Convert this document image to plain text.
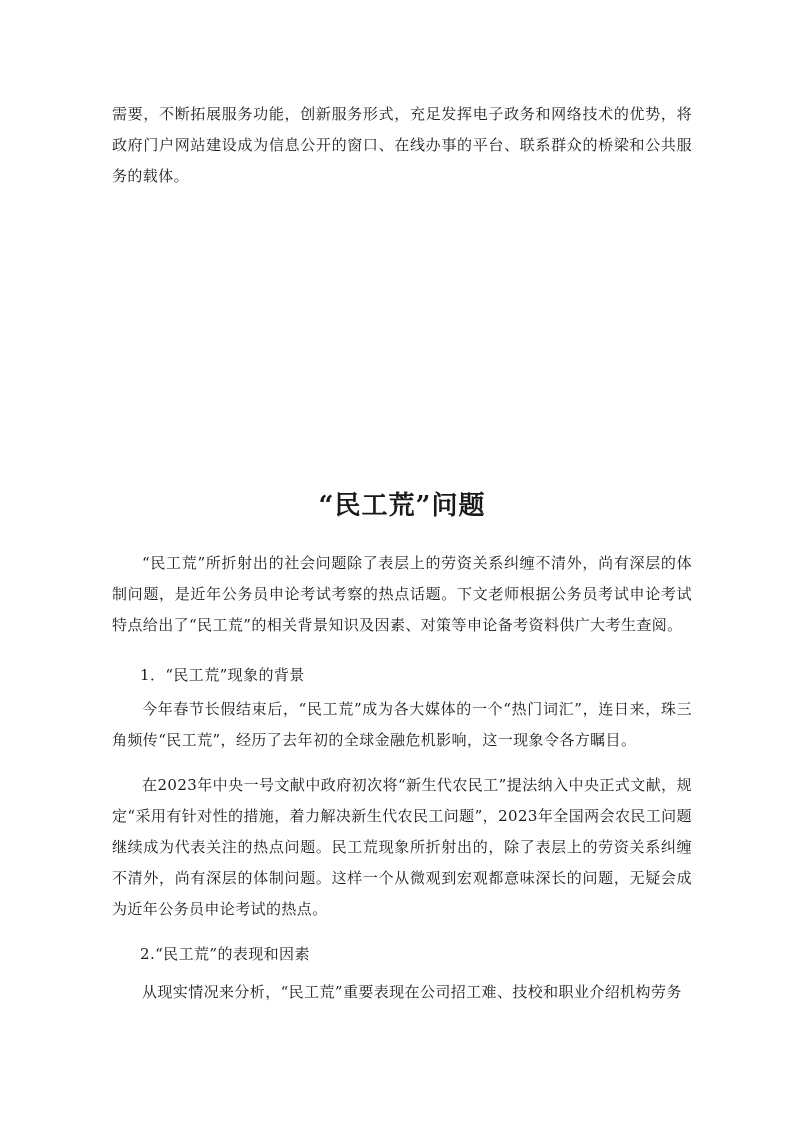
需要，不断拓展服务功能，创新服务形式，充足发挥电子政务和网络技术的优势，将政府门户网站建设成为信息公开的窗口、在线办事的平台、联系群众的桥梁和公共服务的载体。

“民工荒”问题

“民工荒”所折射出的社会问题除了表层上的劳资关系纠缠不清外，尚有深层的体制问题，是近年公务员申论考试考察的热点话题。下文老师根据公务员考试申论考试特点给出了“民工荒”的相关背景知识及因素、对策等申论备考资料供广大考生查阅。

1．“民工荒”现象的背景

今年春节长假结束后，“民工荒”成为各大媒体的一个“热门词汇”，连日来，珠三角频传“民工荒”，经历了去年初的全球金融危机影响，这一现象令各方瞩目。

在2023年中央一号文献中政府初次将“新生代农民工”提法纳入中央正式文献，规定“采用有针对性的措施，着力解决新生代农民工问题”，2023年全国两会农民工问题继续成为代表关注的热点问题。民工荒现象所折射出的，除了表层上的劳资关系纠缠不清外，尚有深层的体制问题。这样一个从微观到宏观都意味深长的问题，无疑会成为近年公务员申论考试的热点。

2.“民工荒”的表现和因素

从现实情况来分析，“民工荒”重要表现在公司招工难、技校和职业介绍机构劳务
